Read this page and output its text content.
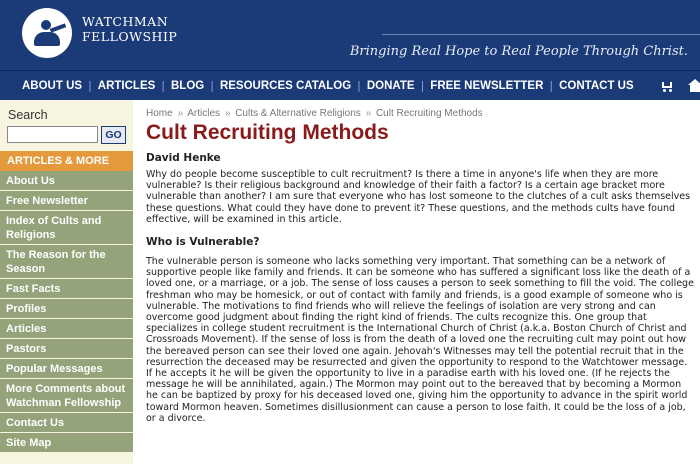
WATCHMAN
FELLOWSHIP
Bringing Real Hope to Real People Through Christ.
ABOUT US | ARTICLES | BLOG | RESOURCES CATALOG | DONATE | FREE NEWSLETTER | CONTACT US
Search
GO
ARTICLES & MORE
About Us
Free Newsletter
Index of Cults and Religions
The Reason for the Season
Fast Facts
Profiles
Articles
Pastors
Popular Messages
More Comments about Watchman Fellowship
Contact Us
Site Map
Home » Articles » Cults & Alternative Religions » Cult Recruiting Methods
Cult Recruiting Methods
David Henke

Why do people become susceptible to cult recruitment? Is there a time in anyone's life when they are more vulnerable? Is their religious background and knowledge of their faith a factor? Is a certain age bracket more vulnerable than another? I am sure that everyone who has lost someone to the clutches of a cult asks themselves these questions. What could they have done to prevent it? These questions, and the methods cults have found effective, will be examined in this article.

Who is Vulnerable?

The vulnerable person is someone who lacks something very important. That something can be a network of supportive people like family and friends. It can be someone who has suffered a significant loss like the death of a loved one, or a marriage, or a job. The sense of loss causes a person to seek something to fill the void. The college freshman who may be homesick, or out of contact with family and friends, is a good example of someone who is vulnerable. The motivations to find friends who will relieve the feelings of isolation are very strong and can overcome good judgment about finding the right kind of friends. The cults recognize this. One group that specializes in college student recruitment is the International Church of Christ (a.k.a. Boston Church of Christ and Crossroads Movement). If the sense of loss is from the death of a loved one the recruiting cult may point out how the bereaved person can see their loved one again. Jehovah's Witnesses may tell the potential recruit that in the resurrection the deceased may be resurrected and given the opportunity to respond to the Watchtower message. If he accepts it he will be given the opportunity to live in a paradise earth with his loved one. (If he rejects the message he will be annihilated, again.) The Mormon may point out to the bereaved that by becoming a Mormon he can be baptized by proxy for his deceased loved one, giving him the opportunity to advance in the spirit world toward Mormon heaven. Sometimes disillusionment can cause a person to lose faith. It could be the loss of a job, or a divorce.
